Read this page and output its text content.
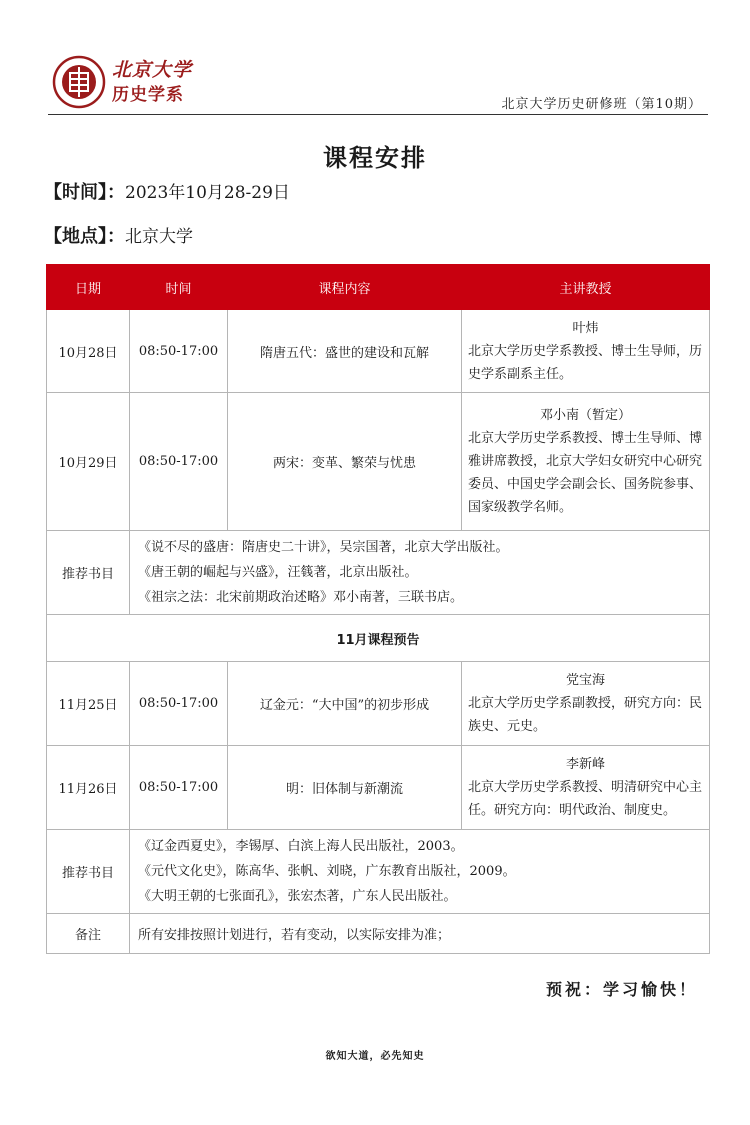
北京大学
历史学系	北京大学历史研修班（第10期）
课程安排
【时间】：2023年10月28-29日
【地点】：北京大学
日期	时间	课程内容	主讲教授
10月28日	08:50-17:00	隋唐五代：盛世的建设和瓦解	叶炜
北京大学历史学系教授、博士生导师，历史学系副系主任。
10月29日	08:50-17:00	两宋：变革、繁荣与忧患	邓小南（暂定）
北京大学历史学系教授、博士生导师、博雅讲席教授，北京大学妇女研究中心研究委员、中国史学会副会长、国务院参事、国家级教学名师。
推荐书目	《说不尽的盛唐：隋唐史二十讲》，吴宗国著，北京大学出版社。
《唐王朝的崛起与兴盛》，汪篯著，北京出版社。
《祖宗之法：北宋前期政治述略》邓小南著，三联书店。		

11月课程预告			
11月25日	08:50-17:00	辽金元：“大中国”的初步形成	党宝海
北京大学历史学系副教授，研究方向：民族史、元史。
11月26日	08:50-17:00	明：旧体制与新潮流	李新峰
北京大学历史学系教授、明清研究中心主任。研究方向：明代政治、制度史。
推荐书目	《辽金西夏史》，李锡厚、白滨上海人民出版社，2003。
《元代文化史》，陈高华、张帆、刘晓，广东教育出版社，2009。
《大明王朝的七张面孔》，张宏杰著，广东人民出版社。		

备注	所有安排按照计划进行，若有变动，以实际安排为准；		
预祝：学习愉快！
欲知大道，必先知史
